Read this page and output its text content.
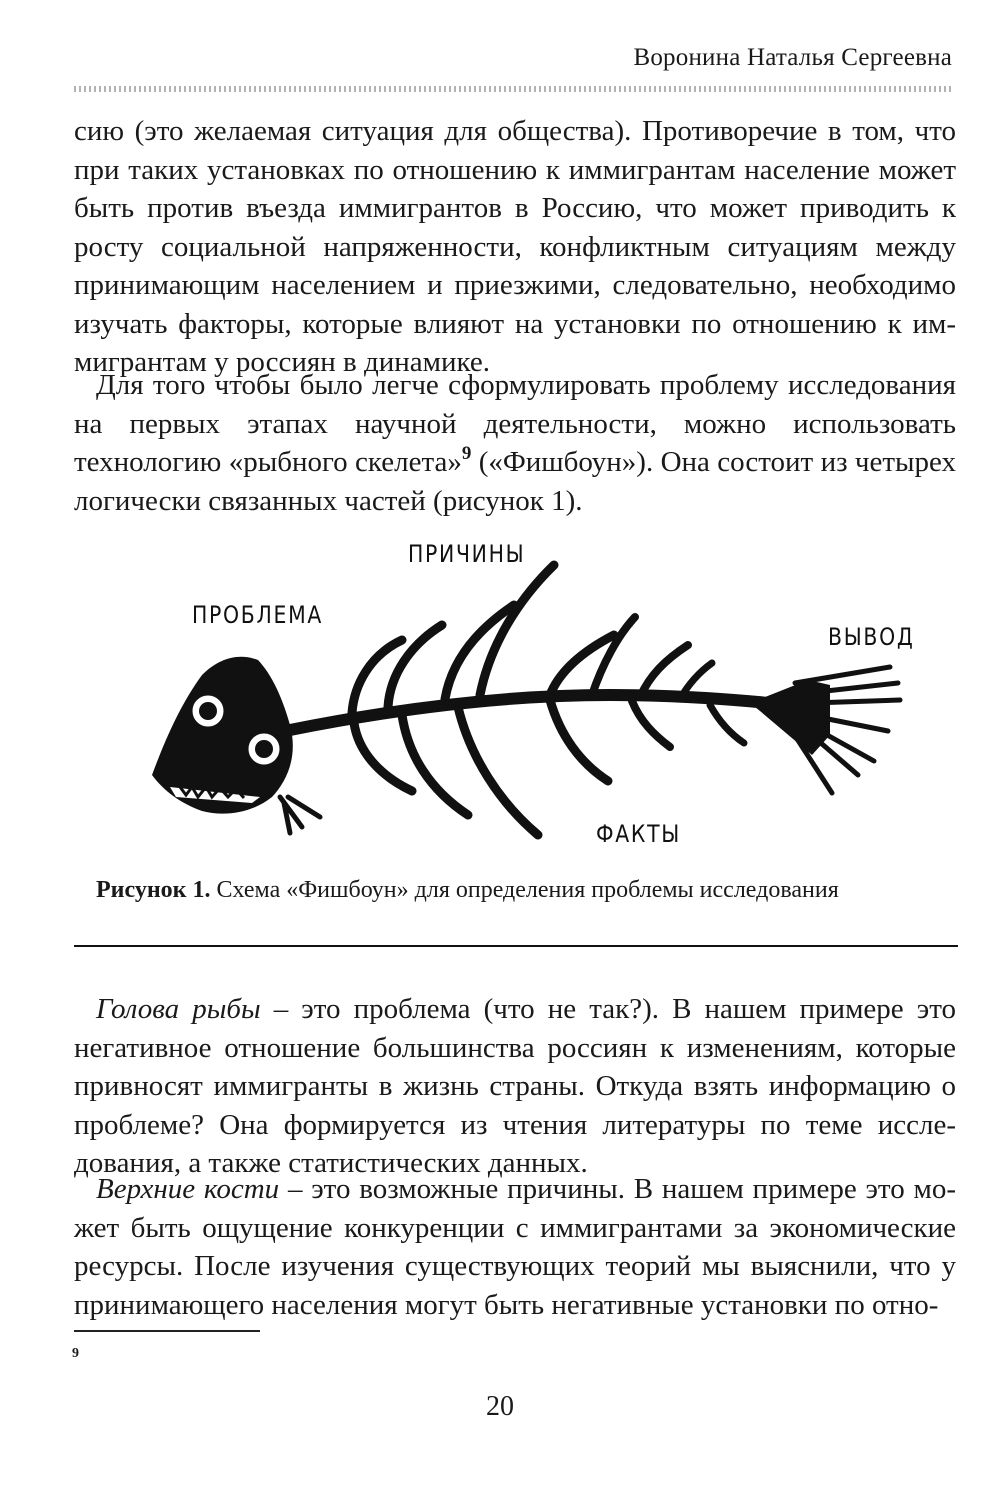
Воронина Наталья Сергеевна

сию (это желаемая ситуация для общества). Противоречие в том, что при таких установках по отношению к иммигрантам население может быть против въезда иммигрантов в Россию, что может приводить к росту социальной напряженности, конфликтным ситуациям между принимающим населением и приезжими, следовательно, необходимо изучать факторы, которые влияют на установки по отношению к иммигрантам у россиян в динамике.

Для того чтобы было легче сформулировать проблему исследования на первых этапах научной деятельности, можно использовать технологию «рыбного скелета»$^9$ («Фишбоун»). Она состоит из четырех логически связанных частей (рисунок 1).

ПРОБЛЕМА
ПРИЧИНЫ
ВЫВОД
ФАКТЫ
Рисунок 1. Схема «Фишбоун» для определения проблемы исследования

Голова рыбы – это проблема (что не так?). В нашем примере это негативное отношение большинства россиян к изменениям, которые привносят иммигранты в жизнь страны. Откуда взять информацию о проблеме? Она формируется из чтения литературы по теме исследования, а также статистических данных.

Верхние кости – это возможные причины. В нашем примере это может быть ощущение конкуренции с иммигрантами за экономические ресурсы. После изучения существующих теорий мы выяснили, что у принимающего населения могут быть негативные установки по отно-

9
20
